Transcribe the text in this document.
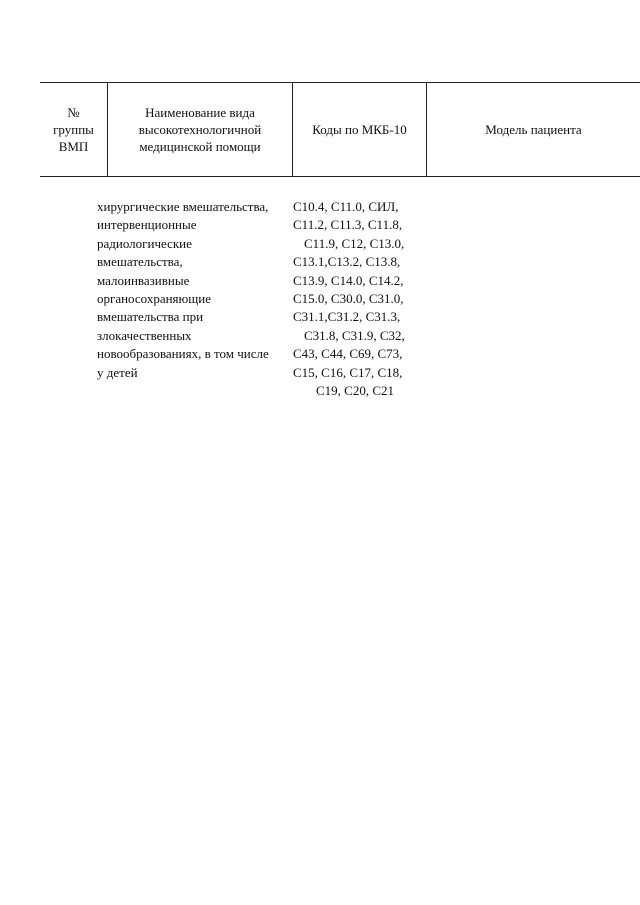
№
группы
ВМП
Наименование вида
высокотехнологичной
медицинской помощи
Коды по МКБ-10	Модель пациента
хирургические вмешательства,
интервенционные
радиологические
вмешательства,
малоинвазивные
органосохраняющие
вмешательства при
злокачественных
новообразованиях, в том числе
у детей
С10.4, С11.0, СИЛ,
С11.2, С11.3, С11.8,
С11.9, С12, С13.0,
С13.1,С13.2, С13.8,
С13.9, С14.0, С14.2,
С15.0, С30.0, С31.0,
С31.1,С31.2, С31.3,
С31.8, С31.9, С32,
С43, С44, С69, С73,
С15, С16, С17, С18,
С19, С20, С21
